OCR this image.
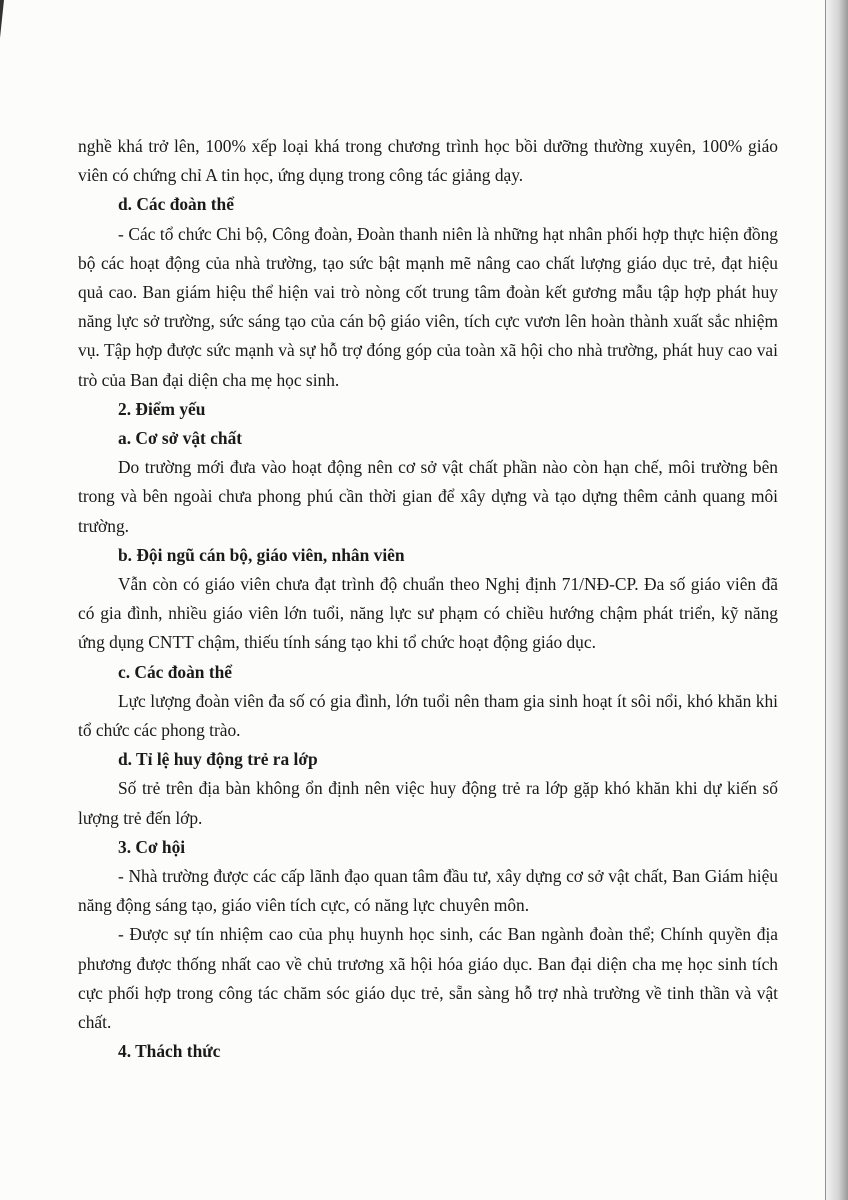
nghề khá trở lên, 100% xếp loại khá trong chương trình học bồi dưỡng thường xuyên, 100% giáo viên có chứng chỉ A tin học, ứng dụng trong công tác giảng dạy.

d. Các đoàn thể

- Các tổ chức Chi bộ, Công đoàn, Đoàn thanh niên là những hạt nhân phối hợp thực hiện đồng bộ các hoạt động của nhà trường, tạo sức bật mạnh mẽ nâng cao chất lượng giáo dục trẻ, đạt hiệu quả cao. Ban giám hiệu thể hiện vai trò nòng cốt trung tâm đoàn kết gương mẫu tập hợp phát huy năng lực sở trường, sức sáng tạo của cán bộ giáo viên, tích cực vươn lên hoàn thành xuất sắc nhiệm vụ. Tập hợp được sức mạnh và sự hỗ trợ đóng góp của toàn xã hội cho nhà trường, phát huy cao vai trò của Ban đại diện cha mẹ học sinh.

2. Điểm yếu
a. Cơ sở vật chất

Do trường mới đưa vào hoạt động nên cơ sở vật chất phần nào còn hạn chế, môi trường bên trong và bên ngoài chưa phong phú cần thời gian để xây dựng và tạo dựng thêm cảnh quang môi trường.

b. Đội ngũ cán bộ, giáo viên, nhân viên

Vẫn còn có giáo viên chưa đạt trình độ chuẩn theo Nghị định 71/NĐ-CP. Đa số giáo viên đã có gia đình, nhiều giáo viên lớn tuổi, năng lực sư phạm có chiều hướng chậm phát triển, kỹ năng ứng dụng CNTT chậm, thiếu tính sáng tạo khi tổ chức hoạt động giáo dục.

c. Các đoàn thể

Lực lượng đoàn viên đa số có gia đình, lớn tuổi nên tham gia sinh hoạt ít sôi nổi, khó khăn khi tổ chức các phong trào.

d. Tỉ lệ huy động trẻ ra lớp

Số trẻ trên địa bàn không ổn định nên việc huy động trẻ ra lớp gặp khó khăn khi dự kiến số lượng trẻ đến lớp.

3. Cơ hội

- Nhà trường được các cấp lãnh đạo quan tâm đầu tư, xây dựng cơ sở vật chất, Ban Giám hiệu năng động sáng tạo, giáo viên tích cực, có năng lực chuyên môn.

- Được sự tín nhiệm cao của phụ huynh học sinh, các Ban ngành đoàn thể; Chính quyền địa phương được thống nhất cao về chủ trương xã hội hóa giáo dục. Ban đại diện cha mẹ học sinh tích cực phối hợp trong công tác chăm sóc giáo dục trẻ, sẵn sàng hỗ trợ nhà trường về tinh thần và vật chất.

4. Thách thức
